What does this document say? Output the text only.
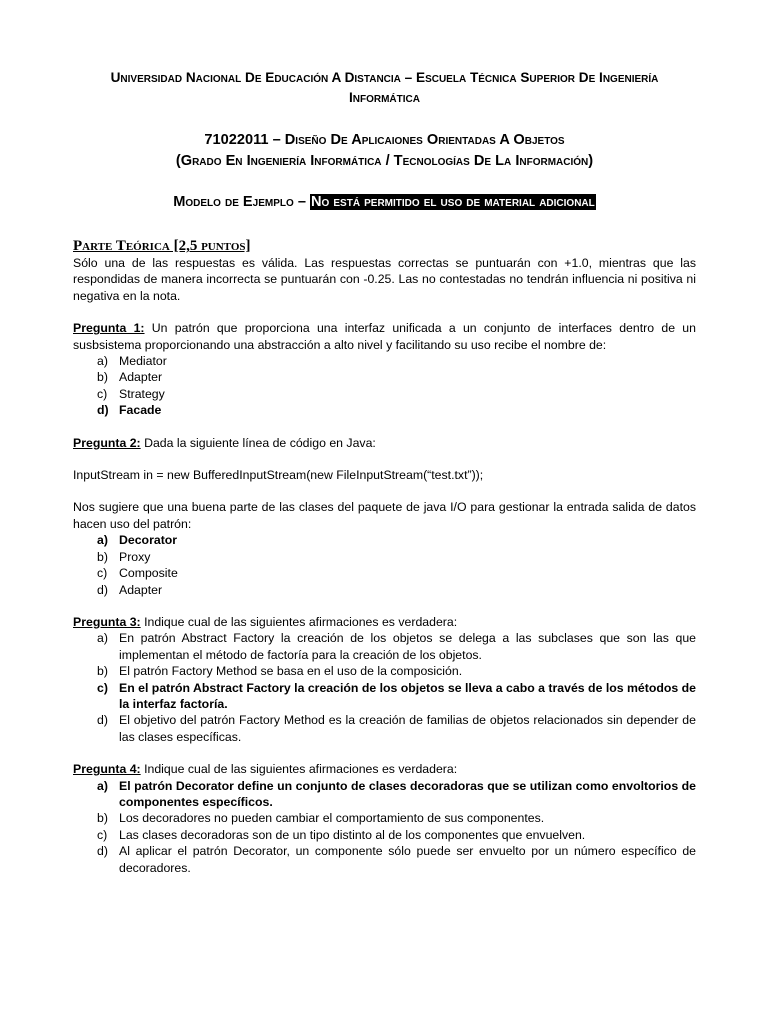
Universidad Nacional De Educación A Distancia – Escuela Técnica Superior De Ingeniería
Informática

71022011 – Diseño De Aplicaiones Orientadas A Objetos

(Grado En Ingeniería Informática / Tecnologías De La Información)

Modelo de Ejemplo – No está permitido el uso de material adicional

Parte Teórica [2,5 puntos]

Sólo una de las respuestas es válida. Las respuestas correctas se puntuarán con +1.0, mientras que las respondidas de manera incorrecta se puntuarán con -0.25. Las no contestadas no tendrán influencia ni positiva ni negativa en la nota.

Pregunta 1: Un patrón que proporciona una interfaz unificada a un conjunto de interfaces dentro de un susbsistema proporcionando una abstracción a alto nivel y facilitando su uso recibe el nombre de:

a) Mediator
b) Adapter
c) Strategy
d) Facade

Pregunta 2: Dada la siguiente línea de código en Java:

InputStream in = new BufferedInputStream(new FileInputStream(“test.txt”));

Nos sugiere que una buena parte de las clases del paquete de java I/O para gestionar la entrada salida de datos hacen uso del patrón:

a) Decorator
b) Proxy
c) Composite
d) Adapter

Pregunta 3: Indique cual de las siguientes afirmaciones es verdadera:

a) En patrón Abstract Factory la creación de los objetos se delega a las subclases que son las que implementan el método de factoría para la creación de los objetos.
b) El patrón Factory Method se basa en el uso de la composición.
c) En el patrón Abstract Factory la creación de los objetos se lleva a cabo a través de los métodos de la interfaz factoría.
d) El objetivo del patrón Factory Method es la creación de familias de objetos relacionados sin depender de las clases específicas.

Pregunta 4: Indique cual de las siguientes afirmaciones es verdadera:

a) El patrón Decorator define un conjunto de clases decoradoras que se utilizan como envoltorios de componentes específicos.
b) Los decoradores no pueden cambiar el comportamiento de sus componentes.
c) Las clases decoradoras son de un tipo distinto al de los componentes que envuelven.
d) Al aplicar el patrón Decorator, un componente sólo puede ser envuelto por un número específico de decoradores.
